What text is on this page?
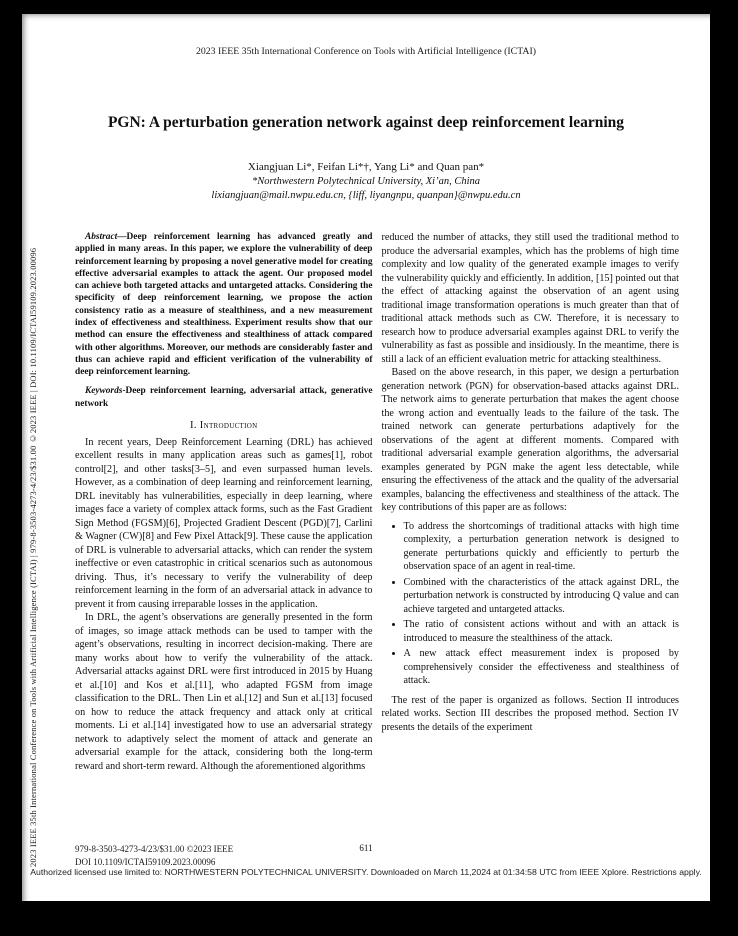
2023 IEEE 35th International Conference on Tools with Artificial Intelligence (ICTAI)
2023 IEEE 35th International Conference on Tools with Artificial Intelligence (ICTAI) | 979-8-3503-4273-4/23/$31.00 ©2023 IEEE | DOI: 10.1109/ICTAI59109.2023.00096
PGN: A perturbation generation network against deep reinforcement learning
Xiangjuan Li*, Feifan Li*†, Yang Li* and Quan pan*
*Northwestern Polytechnical University, Xi’an, China
lixiangjuan@mail.nwpu.edu.cn, {liff, liyangnpu, quanpan}@nwpu.edu.cn

Abstract—Deep reinforcement learning has advanced greatly and applied in many areas. In this paper, we explore the vulnerability of deep reinforcement learning by proposing a novel generative model for creating effective adversarial examples to attack the agent. Our proposed model can achieve both targeted attacks and untargeted attacks. Considering the specificity of deep reinforcement learning, we propose the action consistency ratio as a measure of stealthiness, and a new measurement index of effectiveness and stealthiness. Experiment results show that our method can ensure the effectiveness and stealthiness of attack compared with other algorithms. Moreover, our methods are considerably faster and thus can achieve rapid and efficient verification of the vulnerability of deep reinforcement learning.

Keywords-Deep reinforcement learning, adversarial attack, generative network

I. Introduction

In recent years, Deep Reinforcement Learning (DRL) has achieved excellent results in many application areas such as games[1], robot control[2], and other tasks[3–5], and even surpassed human levels. However, as a combination of deep learning and reinforcement learning, DRL inevitably has vulnerabilities, especially in deep learning, where images face a variety of complex attack forms, such as the Fast Gradient Sign Method (FGSM)[6], Projected Gradient Descent (PGD)[7], Carlini & Wagner (CW)[8] and Few Pixel Attack[9]. These cause the application of DRL is vulnerable to adversarial attacks, which can render the system ineffective or even catastrophic in critical scenarios such as autonomous driving. Thus, it’s necessary to verify the vulnerability of deep reinforcement learning in the form of an adversarial attack in advance to prevent it from causing irreparable losses in the application.

In DRL, the agent’s observations are generally presented in the form of images, so image attack methods can be used to tamper with the agent’s observations, resulting in incorrect decision-making. There are many works about how to verify the vulnerability of the attack. Adversarial attacks against DRL were first introduced in 2015 by Huang et al.[10] and Kos et al.[11], who adapted FGSM from image classification to the DRL. Then Lin et al.[12] and Sun et al.[13] focused on how to reduce the attack frequency and attack only at critical moments. Li et al.[14] investigated how to use an adversarial strategy network to adaptively select the moment of attack and generate an adversarial example for the attack, considering both the long-term reward and short-term reward. Although the aforementioned algorithms

reduced the number of attacks, they still used the traditional method to produce the adversarial examples, which has the problems of high time complexity and low quality of the generated example images to verify the vulnerability quickly and efficiently. In addition, [15] pointed out that the effect of attacking against the observation of an agent using traditional image transformation operations is much greater than that of traditional attack methods such as CW. Therefore, it is necessary to research how to produce adversarial examples against DRL to verify the vulnerability as fast as possible and insidiously. In the meantime, there is still a lack of an efficient evaluation metric for attacking stealthiness.

Based on the above research, in this paper, we design a perturbation generation network (PGN) for observation-based attacks against DRL. The network aims to generate perturbation that makes the agent choose the wrong action and eventually leads to the failure of the task. The trained network can generate perturbations adaptively for the observations of the agent at different moments. Compared with traditional adversarial example generation algorithms, the adversarial examples generated by PGN make the agent less detectable, while ensuring the effectiveness of the attack and the quality of the adversarial examples, balancing the effectiveness and stealthiness of the attack. The key contributions of this paper are as follows:

• To address the shortcomings of traditional attacks with high time complexity, a perturbation generation network is designed to generate perturbations quickly and efficiently to perturb the observation space of an agent in real-time.
• Combined with the characteristics of the attack against DRL, the perturbation network is constructed by introducing Q value and can achieve targeted and untargeted attacks.
• The ratio of consistent actions without and with an attack is introduced to measure the stealthiness of the attack.
• A new attack effect measurement index is proposed by comprehensively consider the effectiveness and stealthiness of attack.

The rest of the paper is organized as follows. Section II introduces related works. Section III describes the proposed method. Section IV presents the details of the experiment

979-8-3503-4273-4/23/$31.00 ©2023 IEEE
DOI 10.1109/ICTAI59109.2023.00096
611
Authorized licensed use limited to: NORTHWESTERN POLYTECHNICAL UNIVERSITY. Downloaded on March 11,2024 at 01:34:58 UTC from IEEE Xplore. Restrictions apply.
